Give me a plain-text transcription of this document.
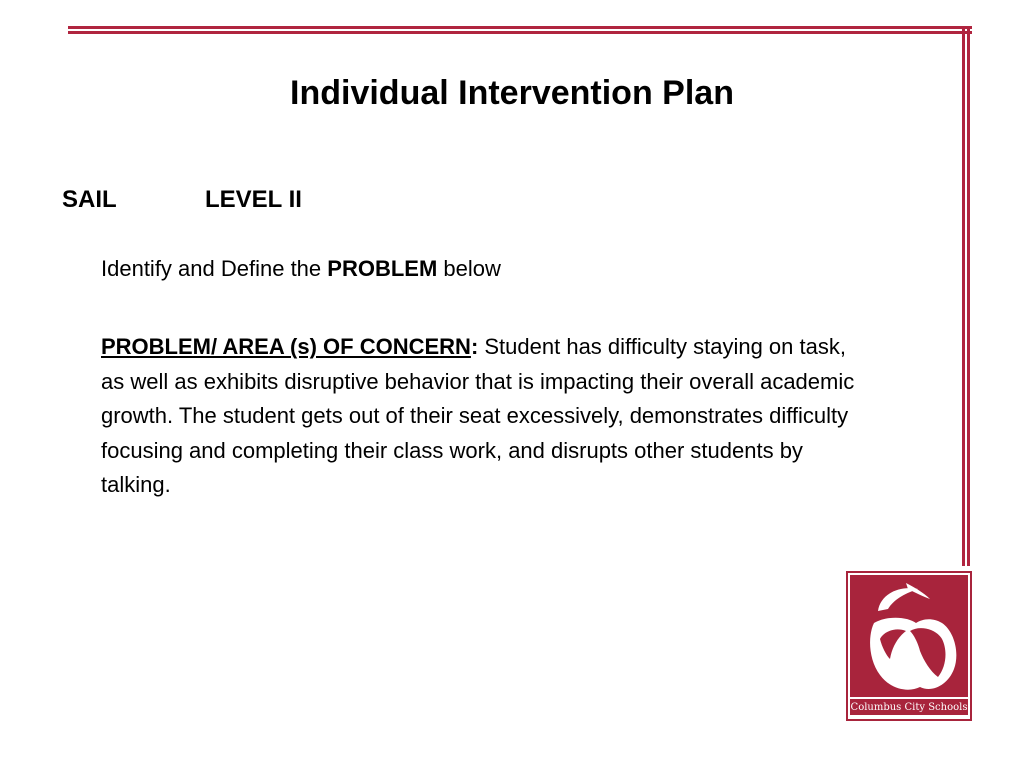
Individual Intervention Plan
SAIL	LEVEL II
Identify and Define the PROBLEM below
PROBLEM/ AREA (s) OF CONCERN: Student has difficulty staying on task, as well as exhibits disruptive behavior that is impacting their overall academic growth. The student gets out of their seat excessively, demonstrates difficulty focusing and completing their class work, and disrupts other students by talking.
Columbus City Schools
